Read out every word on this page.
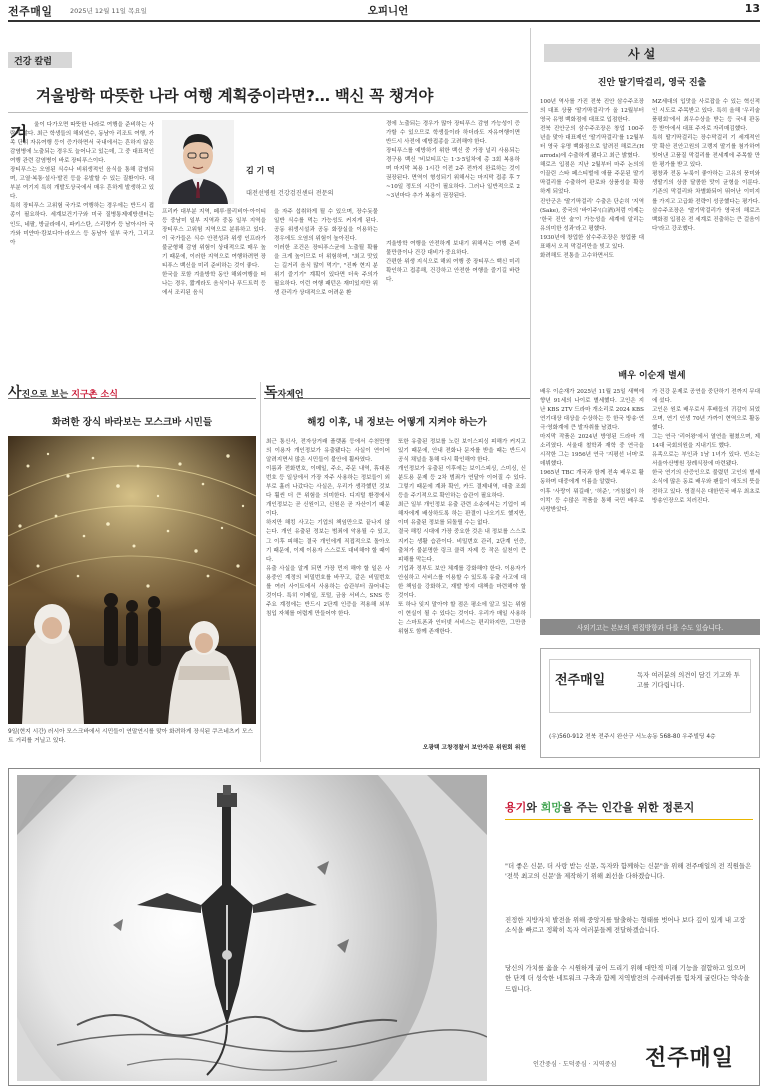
전주매일	2025년 12월 11일 목요일	오피니언	13
건강 칼럼
겨울방학 따뜻한 나라 여행 계획중이라면?… 백신 꼭 챙겨야
김 기 덕
대전선병원 건강검진센터 전문의
겨	울이 다가오면 따뜻한 나라로 여행을 준비하는 사람이 많다. 최근 학생들의 해외연수, 동남아 리조트 여행, 가족 단위 자유여행 등이 증가하면서 국내에서는 흔하지 않은 감염병에 노출되는 경우도 늘어나고 있는데, 그 중 대표적인 여행 관련 감염병이 바로 장티푸스이다.
장티푸스는 오염된 식수나 비위생적인 음식을 통해 감염되며, 고열·복통·설사·발진 등을 유발할 수 있는 질환이다. 대부분 여기지 특히 개발도상국에서 매우 흔하게 발생하고 있다.
특히 장티푸스 고위험 국가로 여행하는 경우에는 반드시 접종이 필요하다. 세계보건기구와 미국 질병통제예방센터는 인도, 네팔, 방글라데시, 파키스탄, 스리랑카 등 남아시아 국가와 미얀마·캄보디아·라오스 등 동남아 일부 국가, 그리고 아
프리카 대부분 지역, 페루·볼리비아·아이티 등 중남미 일부 지역과 중동 일부 지역을 장티푸스 고위험 지역으로 분류하고 있다. 이 국가들은 식수 안전성과 위생 인프라가 불균형해 감염 위험이 상대적으로 매우 높기 때문에, 이러한 지역으로 여행하려면 장티푸스 백신을 미리 준비하는 것이 좋다.
한국을 포함 겨울방학 동안 해외여행을 떠나는 경우, 짧게라도 음식이나 푸드트럭 등에서 조리된 음식
을 자주 섭취하게 될 수 있으며, 장수돗물 일반 식수를 먹는 가능성도 커지게 된다. 공동 위생시설과 공동 화장실을 이용하는 경우에도 오염의 위험이 높아진다.
이러한 조건은 장티푸스균에 노출될 확률을 크게 높이므로 더 위험하며, "최고 맛있는 길거리 음식 많이 먹기", "진짜 현지 분위기 즐기기" 계획이 있다면 더욱 주의가 필요하다. 이런 여행 패턴은 재미있지만 위생 관리가 상대적으로 어려운 환
경에 노출되는 경우가 많아 장티푸스 감염 가능성이 증가할 수 있으므로 학생들이라 하더라도 자유여행이면 반드시 사전에 예방접종을 고려해야 한다.
장티푸스를 예방하기 위한 백신 중 가장 널리 사용되는 경구용 백신 '비보티프'는 1·3·5일차에 총 3회 복용하며 마지막 복용 1시간 이전 2주 전까지 완료하는 것이 권장된다. 면역이 형성되기 위해서는 마지막 접종 후 7~10일 정도의 시간이 필요하다. 그러나 일반적으로 2~3년마다 추가 복용이 권장된다.
겨울방학 여행을 안전하게 보내기 위해서는 여행 준비물만큼이나 건강 대비가 중요하다.
간편한 위생 지식으로 해외 여행 중 장티푸스 백신 미리 확인하고 접종해, 건강하고 안전한 여행을 즐기길 바란다.
사설
진안 딸기딱걸리, 영국 진출
100년 역사를 가진 전북 진안 삼수주조장의 대표 상품 '딸기딱걸리'가 올 12월부터 영국 유명 백화점에 대표로 입점한다.
전북 진안군의 삼수주조장은 창업 100주년을 맞아 대표제인 '딸기딱걸리'를 12월부터 영국 유명 백화점으로 알려진 해로즈(Harrods)에 수출하게 됐다고 최근 밝혔다.
해로즈 입점은 지난 2월부터 마주 논의의 이끌린 스타 페스티벌에 애플 주문된 딸기딱걸리를 수출하여 판로와 상품성을 확장하게 되었다.
진안군은 '딸기딱걸리' 수출은 단순히 '지역(Sake), 중국의 '바이주'(白酒)처럼 이제는 '한국 진안 술'이 가능성을 세계에 알리는 유의미한 성과'라고 평했다.
1930년에 창업한 삼수주조장은 창업품 대표해서 오직 막걸리만을 빚고 있다.
화려해도 전통을 고수하면서도
MZ세대의 입맛을 사로잡을 수 있는 혁신적인 시도로 주목받고 있다. 특히 올해 '우리술 품평회'에서 최우수상을 받는 등 국내 판동 등 받아에서 대표 주자로 자리매김했다.
특히 딸기딱걸리는 장수막걸리 기 세계적인 맛 확산 진안고원의 고랭지 딸기를 첨가하여 빚어낸 고품질 막걸리를 전세계에 주목할 만한 평가를 받고 있다.
평창과 전동 누룩이 좋아하는 고유의 풍미와 생딸기의 상큼 달콤한 맛이 균형을 이룬다. 기존의 막걸리와 차별화되어 뛰어난 이미지를 가지고 고급화 전략이 성공했다는 평가다.
삼수주조장은 '딸기막걸리가 영국의 해로즈백화점 입점은 전 세계로 진출하는 큰 걸음이다'라고 강조했다.
배우 이순재 별세
배우 이순재가 2025년 11월 25일 새벽에 향년 91세의 나이로 별세했다. 고인은 지난 KBS 2TV 드라마 개소리로 2024 KBS 연기대상 대상을 수상하는 등 한국 방송·연극·영화계에 큰 발자취를 남겼다.
마지막 작품은 2024년 방영된 드라마 개소리였다. 서울대 철학과 재학 중 연극을 시작한 그는 1956년 연극 '지평선 너머'로 데뷔했다.
1965년 TBC 개국과 함께 전속 배우로 활동하며 대중에게 이름을 알렸다.
이후 '사랑이 뭐길래', '허준', '거침없이 하이킥' 등 수많은 작품을 통해 국민 배우로 사랑받았다.
가 건강 문제로 공연을 중단하기 전까지 무대에 섰다.
고인은 원로 배우로서 후배들의 귀감이 되었으며, 연기 인생 70년 가까이 현역으로 활동했다.
그는 연극 '리어왕'에서 열연을 펼쳤으며, 제14대 국회의원을 지내기도 했다.
유족으로는 부인과 1남 1녀가 있다. 빈소는 서울아산병원 장례식장에 마련됐다.
한국 연기의 산증인으로 불렸던 고인의 별세 소식에 많은 동료 배우와 팬들이 애도의 뜻을 전하고 있다. 영결식은 대한민국 배우 최초로 방송인장으로 치러진다.
사외기고는 본보의 편집방향과 다를 수도 있습니다.
전주매일	독자 여러분의 의견이 담긴 기고와 투고를 기다립니다.
(우)560-912 전북 전주시 완산구 서노송동 568-80 우주빌딩 4층
사진으로 보는 지구촌 소식
화려한 장식 바라보는 모스크바 시민들
9일(현지 시간) 러시아 모스크바에서 시민들이 연말연시를 맞아 화려하게 장식된 쿠즈네츠키 모스트 거리를 거닐고 있다.
독자제언
해킹 이후, 내 정보는 어떻게 지켜야 하는가
최근 통신사, 전자상거래 플랫폼 등에서 수천만명의 이용자 개인정보가 유출됐다는 사실이 연이어 알려지면서 많은 시민들이 불안에 휩싸였다.
이름과 전화번호, 이메일, 주소, 주문 내역, 휴대폰번호 등 일상에서 가장 자주 사용하는 정보들이 외부로 흘러 나갔다는 사실은, 우리가 생각했던 것보다 훨씬 더 큰 위험을 의미한다. 디지털 환경에서 개인정보는 곧 신원이고, 신원은 곧 자산이기 때문이다.
하지만 해킹 사고는 기업의 책임만으로 끝나지 않는다. 개인 유출된 정보는 범죄에 악용될 수 있고, 그 이후 피해는 결국 개인에게 직접적으로 돌아오기 때문에, 이제 이용자 스스로도 대비해야 할 때이다.
유출 사실을 알게 되면 가장 먼저 해야 할 일은 사용중인 계정의 비밀번호를 바꾸고, 같은 비밀번호를 여러 사이트에서 사용하는 습관부터 끊어내는 것이다. 특히 이메일, 포털, 금융 서비스, SNS 등 주요 계정에는 반드시 2단계 인증을 적용해 외부 침입 자체를 어렵게 만들어야 한다.
또한 유출된 정보를 노린 보이스피싱 피해가 커지고 있기 때문에, 안내 전화나 문자를 받을 때는 반드시 공식 채널을 통해 다시 확인해야 한다.
개인정보가 유출된 이후에는 보이스피싱, 스미싱, 신분도용 문제 등 2차 범죄가 연달아 이어질 수 있다. 그렇기 때문에 계좌 확인, 카드 결제내역, 대출 조회 등을 주기적으로 확인하는 습관이 필요하다.
최근 일부 개인정보 유출 관련 소송에서는 기업이 피해자에게 배상하도록 하는 판결이 나오기도 했지만, 이미 유출된 정보를 되돌릴 수는 없다.
결국 해킹 시대에 가장 중요한 것은 내 정보를 스스로 지키는 생활 습관이다. 비밀번호 관리, 2단계 인증, 출처가 불분명한 링크 클릭 자제 등 작은 실천이 큰 피해를 막는다.
기업과 정부도 보안 체계를 강화해야 한다. 이용자가 안심하고 서비스를 이용할 수 있도록 유출 사고에 대한 책임을 강화하고, 재발 방지 대책을 마련해야 할 것이다.
또 하나 잊지 말아야 할 점은 평소에 알고 있는 위험이 현실이 될 수 있다는 것이다. 우리가 매일 사용하는 스마트폰과 인터넷 서비스는 편리하지만, 그만큼 위험도 함께 존재한다.
오광택 고창경찰서 보안자문 위원회 위원
용기와 희망을 주는 인간을 위한 정론지
"더 좋은 신문, 더 사랑 받는 신문, 독자와 함께하는 신문"을 위해 전주매일의 전 직원들은 '전북 최고의 신문'을 제작하기 위해 최선을 다하겠습니다.
진정한 지방자치 발전을 위해 중앙지를 탈출하는 형태를 벗어나 보다 깊이 있게 내 고장 소식을 빠르고 정확히 독자 여러분들께 전달하겠습니다.
당신의 가치를 옳을 수 시원하게 굽어 드리기 위해 대안적 미래 기능을 결합하고 있으며 한 단계 더 성숙한 네트워크 구축과 함께 지역발전의 수레바퀴를 힘차게 굴린다는 약속을 드립니다.
인간중심 · 도덕중심 · 지역중심 전주매일
